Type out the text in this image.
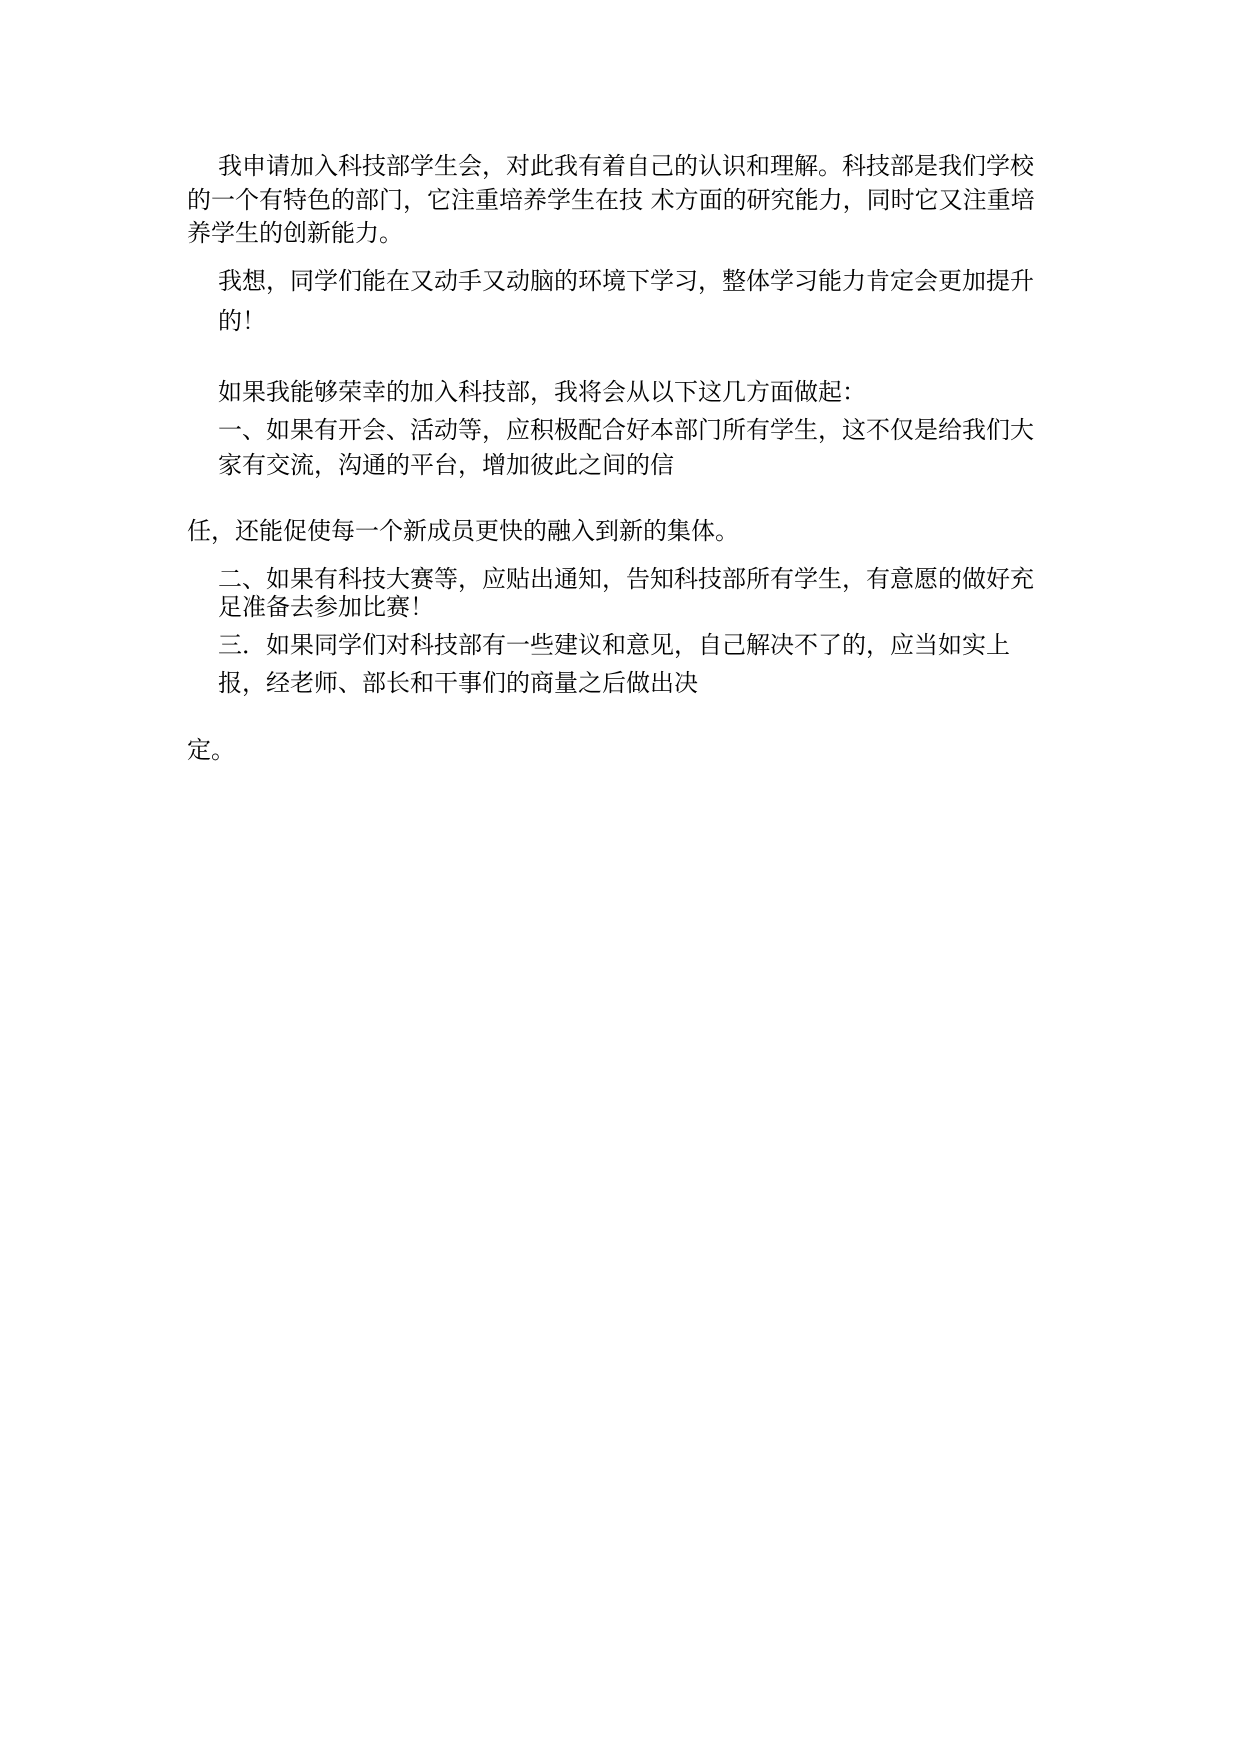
我申请加入科技部学生会，对此我有着自己的认识和理解。科技部是我们学校
的一个有特色的部门，它注重培养学生在技 术方面的研究能力，同时它又注重培
养学生的创新能力。
我想，同学们能在又动手又动脑的环境下学习，整体学习能力肯定会更加提升
的！
如果我能够荣幸的加入科技部，我将会从以下这几方面做起：
一、如果有开会、活动等，应积极配合好本部门所有学生，这不仅是给我们大
家有交流，沟通的平台，增加彼此之间的信
任，还能促使每一个新成员更快的融入到新的集体。
二、如果有科技大赛等，应贴出通知，告知科技部所有学生，有意愿的做好充
足准备去参加比赛！
三．如果同学们对科技部有一些建议和意见，自己解决不了的，应当如实上
报，经老师、部长和干事们的商量之后做出决
定。
